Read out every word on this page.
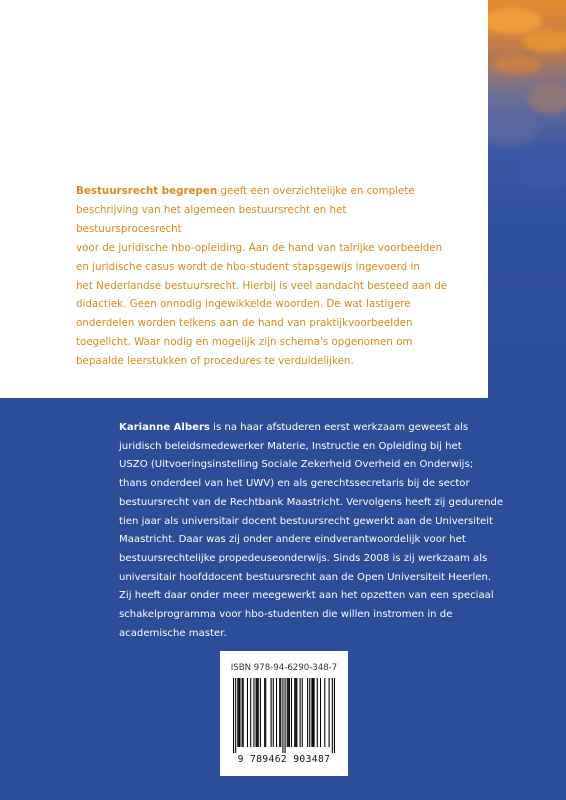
Bestuursrecht begrepen geeft een overzichtelijke en complete
beschrijving van het algemeen bestuursrecht en het bestuursprocesrecht
voor de juridische hbo-opleiding. Aan de hand van talrijke voorbeelden
en juridische casus wordt de hbo-student stapsgewijs ingevoerd in
het Nederlandse bestuursrecht. Hierbij is veel aandacht besteed aan de
didactiek. Geen onnodig ingewikkelde woorden. De wat lastigere
onderdelen worden telkens aan de hand van praktijkvoorbeelden
toegelicht. Waar nodig en mogelijk zijn schema's opgenomen om
bepaalde leerstukken of procedures te verduidelijken.

Karianne Albers is na haar afstuderen eerst werkzaam geweest als
juridisch beleidsmedewerker Materie, Instructie en Opleiding bij het
USZO (Uitvoeringsinstelling Sociale Zekerheid Overheid en Onderwijs;
thans onderdeel van het UWV) en als gerechtssecretaris bij de sector
bestuursrecht van de Rechtbank Maastricht. Vervolgens heeft zij gedurende
tien jaar als universitair docent bestuursrecht gewerkt aan de Universiteit
Maastricht. Daar was zij onder andere eindverantwoordelijk voor het
bestuursrechtelijke propedeuseonderwijs. Sinds 2008 is zij werkzaam als
universitair hoofddocent bestuursrecht aan de Open Universiteit Heerlen.
Zij heeft daar onder meer meegewerkt aan het opzetten van een speciaal
schakelprogramma voor hbo-studenten die willen instromen in de
academische master.

ISBN 978-94-6290-348-7
9 789462 903487
